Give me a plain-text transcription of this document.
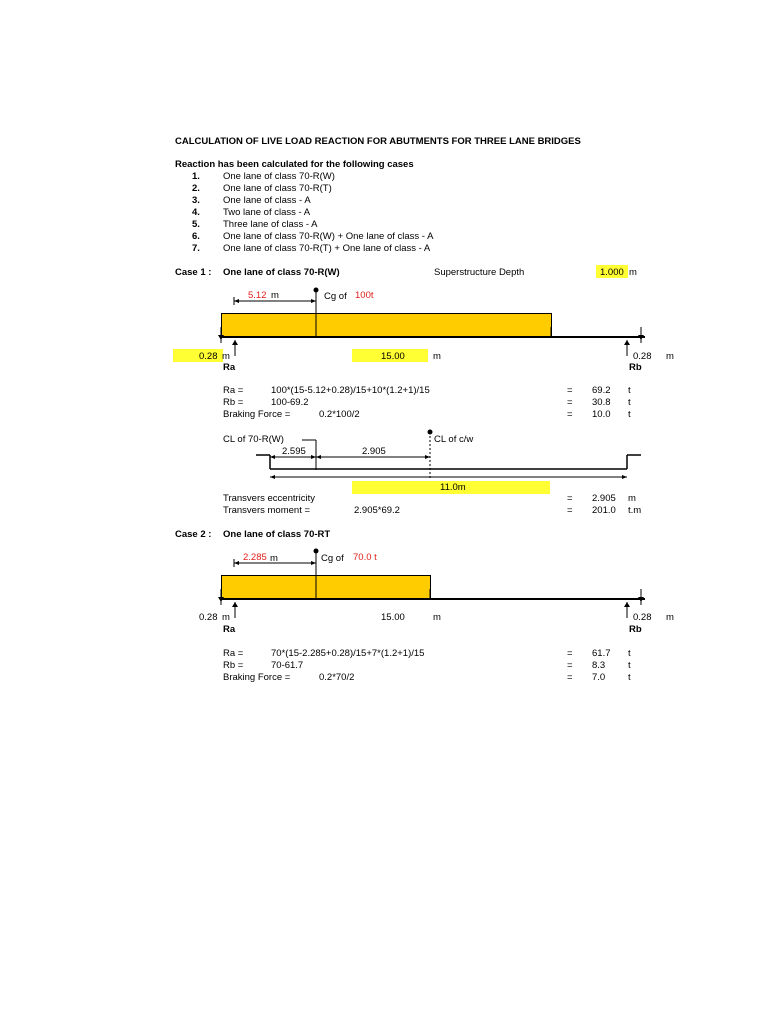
CALCULATION OF LIVE LOAD REACTION FOR ABUTMENTS FOR THREE LANE BRIDGES
Reaction has been calculated for the following cases
1. One lane of class 70-R(W)
2. One lane of class 70-R(T)
3. One lane of class - A
4. Two lane of class - A
5. Three lane of class - A
6. One lane of class 70-R(W) + One lane of class - A
7. One lane of class 70-R(T) + One lane of class - A
Case 1 : One lane of class 70-R(W)	Superstructure Depth	1.000 m
5.12 m	Cg of 100t
0.28 m	15.00	m	0.28 m
Ra	Rb
Ra =	100*(15-5.12+0.28)/15+10*(1.2+1)/15	= 69.2 t
Rb =	100-69.2	= 30.8 t
Braking Force =	0.2*100/2	= 10.0 t
CL of 70-R(W)	CL of c/w
2.595	2.905
11.0m
Transvers eccentricity	= 2.905 m
Transvers moment =	2.905*69.2	= 201.0 t.m
Case 2 : One lane of class 70-RT
2.285 m	Cg of 70.0 t
0.28 m	15.00	m	0.28 m
Ra	Rb
Ra =	70*(15-2.285+0.28)/15+7*(1.2+1)/15	= 61.7 t
Rb =	70-61.7	= 8.3 t
Braking Force =	0.2*70/2	= 7.0 t
